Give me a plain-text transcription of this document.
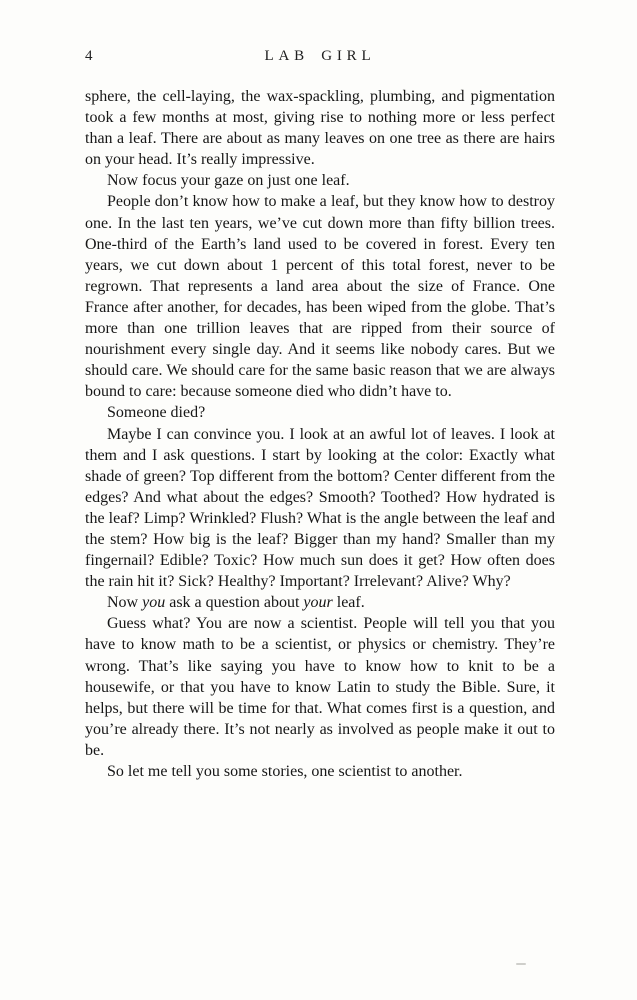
4	LAB GIRL

sphere, the cell-laying, the wax-spackling, plumbing, and pigmentation took a few months at most, giving rise to nothing more or less perfect than a leaf. There are about as many leaves on one tree as there are hairs on your head. It’s really impressive.

Now focus your gaze on just one leaf.

People don’t know how to make a leaf, but they know how to destroy one. In the last ten years, we’ve cut down more than fifty billion trees. One-third of the Earth’s land used to be covered in forest. Every ten years, we cut down about 1 percent of this total forest, never to be regrown. That represents a land area about the size of France. One France after another, for decades, has been wiped from the globe. That’s more than one trillion leaves that are ripped from their source of nourishment every single day. And it seems like nobody cares. But we should care. We should care for the same basic reason that we are always bound to care: because someone died who didn’t have to.

Someone died?

Maybe I can convince you. I look at an awful lot of leaves. I look at them and I ask questions. I start by looking at the color: Exactly what shade of green? Top different from the bottom? Center different from the edges? And what about the edges? Smooth? Toothed? How hydrated is the leaf? Limp? Wrinkled? Flush? What is the angle between the leaf and the stem? How big is the leaf? Bigger than my hand? Smaller than my fingernail? Edible? Toxic? How much sun does it get? How often does the rain hit it? Sick? Healthy? Important? Irrelevant? Alive? Why?

Now you ask a question about your leaf.

Guess what? You are now a scientist. People will tell you that you have to know math to be a scientist, or physics or chemistry. They’re wrong. That’s like saying you have to know how to knit to be a housewife, or that you have to know Latin to study the Bible. Sure, it helps, but there will be time for that. What comes first is a question, and you’re already there. It’s not nearly as involved as people make it out to be.

So let me tell you some stories, one scientist to another.
